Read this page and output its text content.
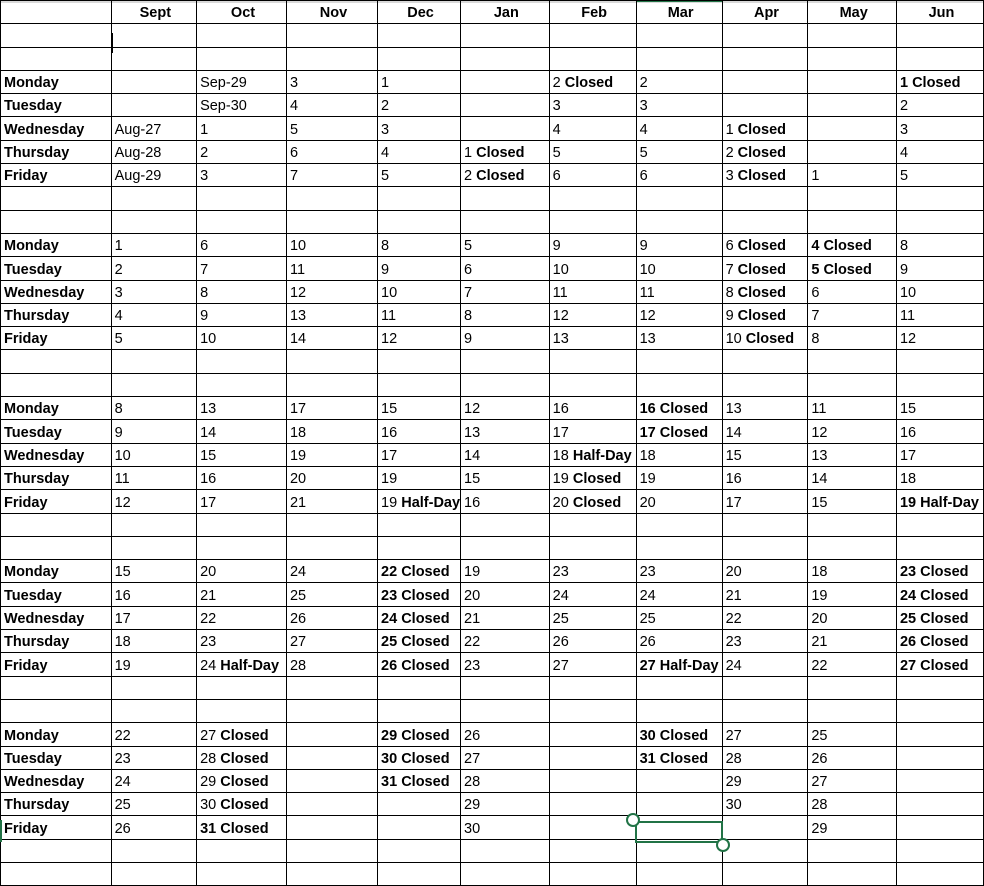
	Sept	Oct	Nov	Dec	Jan	Feb	Mar	Apr	May	Jun

Monday		Sep-29	3	1		2 Closed	2			1 Closed
Tuesday		Sep-30	4	2		3	3			2
Wednesday	Aug-27	1	5	3		4	4	1 Closed		3
Thursday	Aug-28	2	6	4	1 Closed	5	5	2 Closed		4
Friday	Aug-29	3	7	5	2 Closed	6	6	3 Closed	1	5

Monday	1	6	10	8	5	9	9	6 Closed	4 Closed	8
Tuesday	2	7	11	9	6	10	10	7 Closed	5 Closed	9
Wednesday	3	8	12	10	7	11	11	8 Closed	6	10
Thursday	4	9	13	11	8	12	12	9 Closed	7	11
Friday	5	10	14	12	9	13	13	10 Closed	8	12

Monday	8	13	17	15	12	16	16 Closed	13	11	15
Tuesday	9	14	18	16	13	17	17 Closed	14	12	16
Wednesday	10	15	19	17	14	18 Half-Day	18	15	13	17
Thursday	11	16	20	19	15	19 Closed	19	16	14	18
Friday	12	17	21	19 Half-Day	16	20 Closed	20	17	15	19 Half-Day

Monday	15	20	24	22 Closed	19	23	23	20	18	23 Closed
Tuesday	16	21	25	23 Closed	20	24	24	21	19	24 Closed
Wednesday	17	22	26	24 Closed	21	25	25	22	20	25 Closed
Thursday	18	23	27	25 Closed	22	26	26	23	21	26 Closed
Friday	19	24 Half-Day	28	26 Closed	23	27	27 Half-Day	24	22	27 Closed

Monday	22	27 Closed		29 Closed	26		30 Closed	27	25	
Tuesday	23	28 Closed		30 Closed	27		31 Closed	28	26	
Wednesday	24	29 Closed		31 Closed	28			29	27	
Thursday	25	30 Closed			29			30	28	
Friday	26	31 Closed			30				29	
